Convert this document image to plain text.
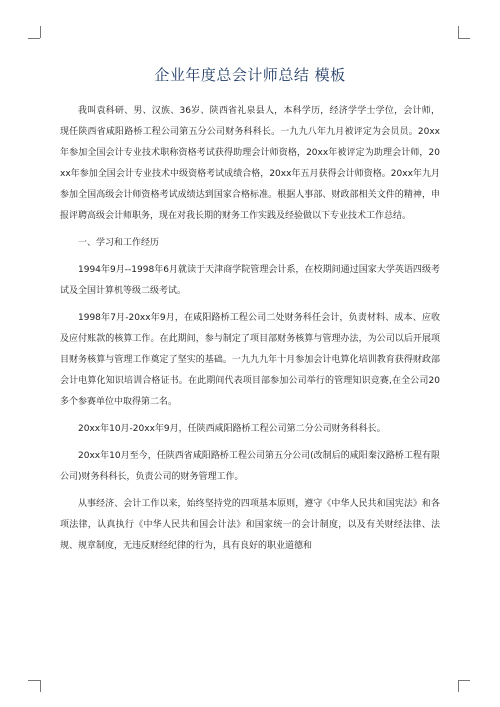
企业年度总会计师总结 模板

我叫袁科研、男、汉族、36岁、陕西省礼泉县人，本科学历，经济学学士学位，会计师，现任陕西省咸阳路桥工程公司第五分公司财务科科长。一九九八年九月被评定为会员员。20xx年参加全国会计专业技术职称资格考试获得助理会计师资格，20xx年被评定为助理会计师，20xx年参加全国会计专业技术中级资格考试成绩合格，20xx年五月获得会计师资格。20xx年九月参加全国高级会计师资格考试成绩达到国家合格标准。根据人事部、财政部相关文件的精神，申报评聘高级会计师职务，现在对我长期的财务工作实践及经验做以下专业技术工作总结。

一、学习和工作经历

1994年9月--1998年6月就读于天津商学院管理会计系，在校期间通过国家大学英语四级考试及全国计算机等级二级考试。

1998年7月-20xx年9月，在咸阳路桥工程公司二处财务科任会计，负责材料、成本、应收及应付账款的核算工作。在此期间，参与制定了项目部财务核算与管理办法，为公司以后开展项目财务核算与管理工作奠定了坚实的基础。一九九九年十月参加会计电算化培训教育获得财政部会计电算化知识培训合格证书。在此期间代表项目部参加公司举行的管理知识竞赛,在全公司20多个参赛单位中取得第二名。

20xx年10月-20xx年9月，任陕西咸阳路桥工程公司第二分公司财务科科长。

20xx年10月至今，任陕西省咸阳路桥工程公司第五分公司(改制后的咸阳秦汉路桥工程有限公司)财务科科长，负责公司的财务管理工作。

从事经济、会计工作以来，始终坚持党的四项基本原则，遵守《中华人民共和国宪法》和各项法律，认真执行《中华人民共和国会计法》和国家统一的会计制度，以及有关财经法律、法规、规章制度，无违反财经纪律的行为，具有良好的职业道德和
